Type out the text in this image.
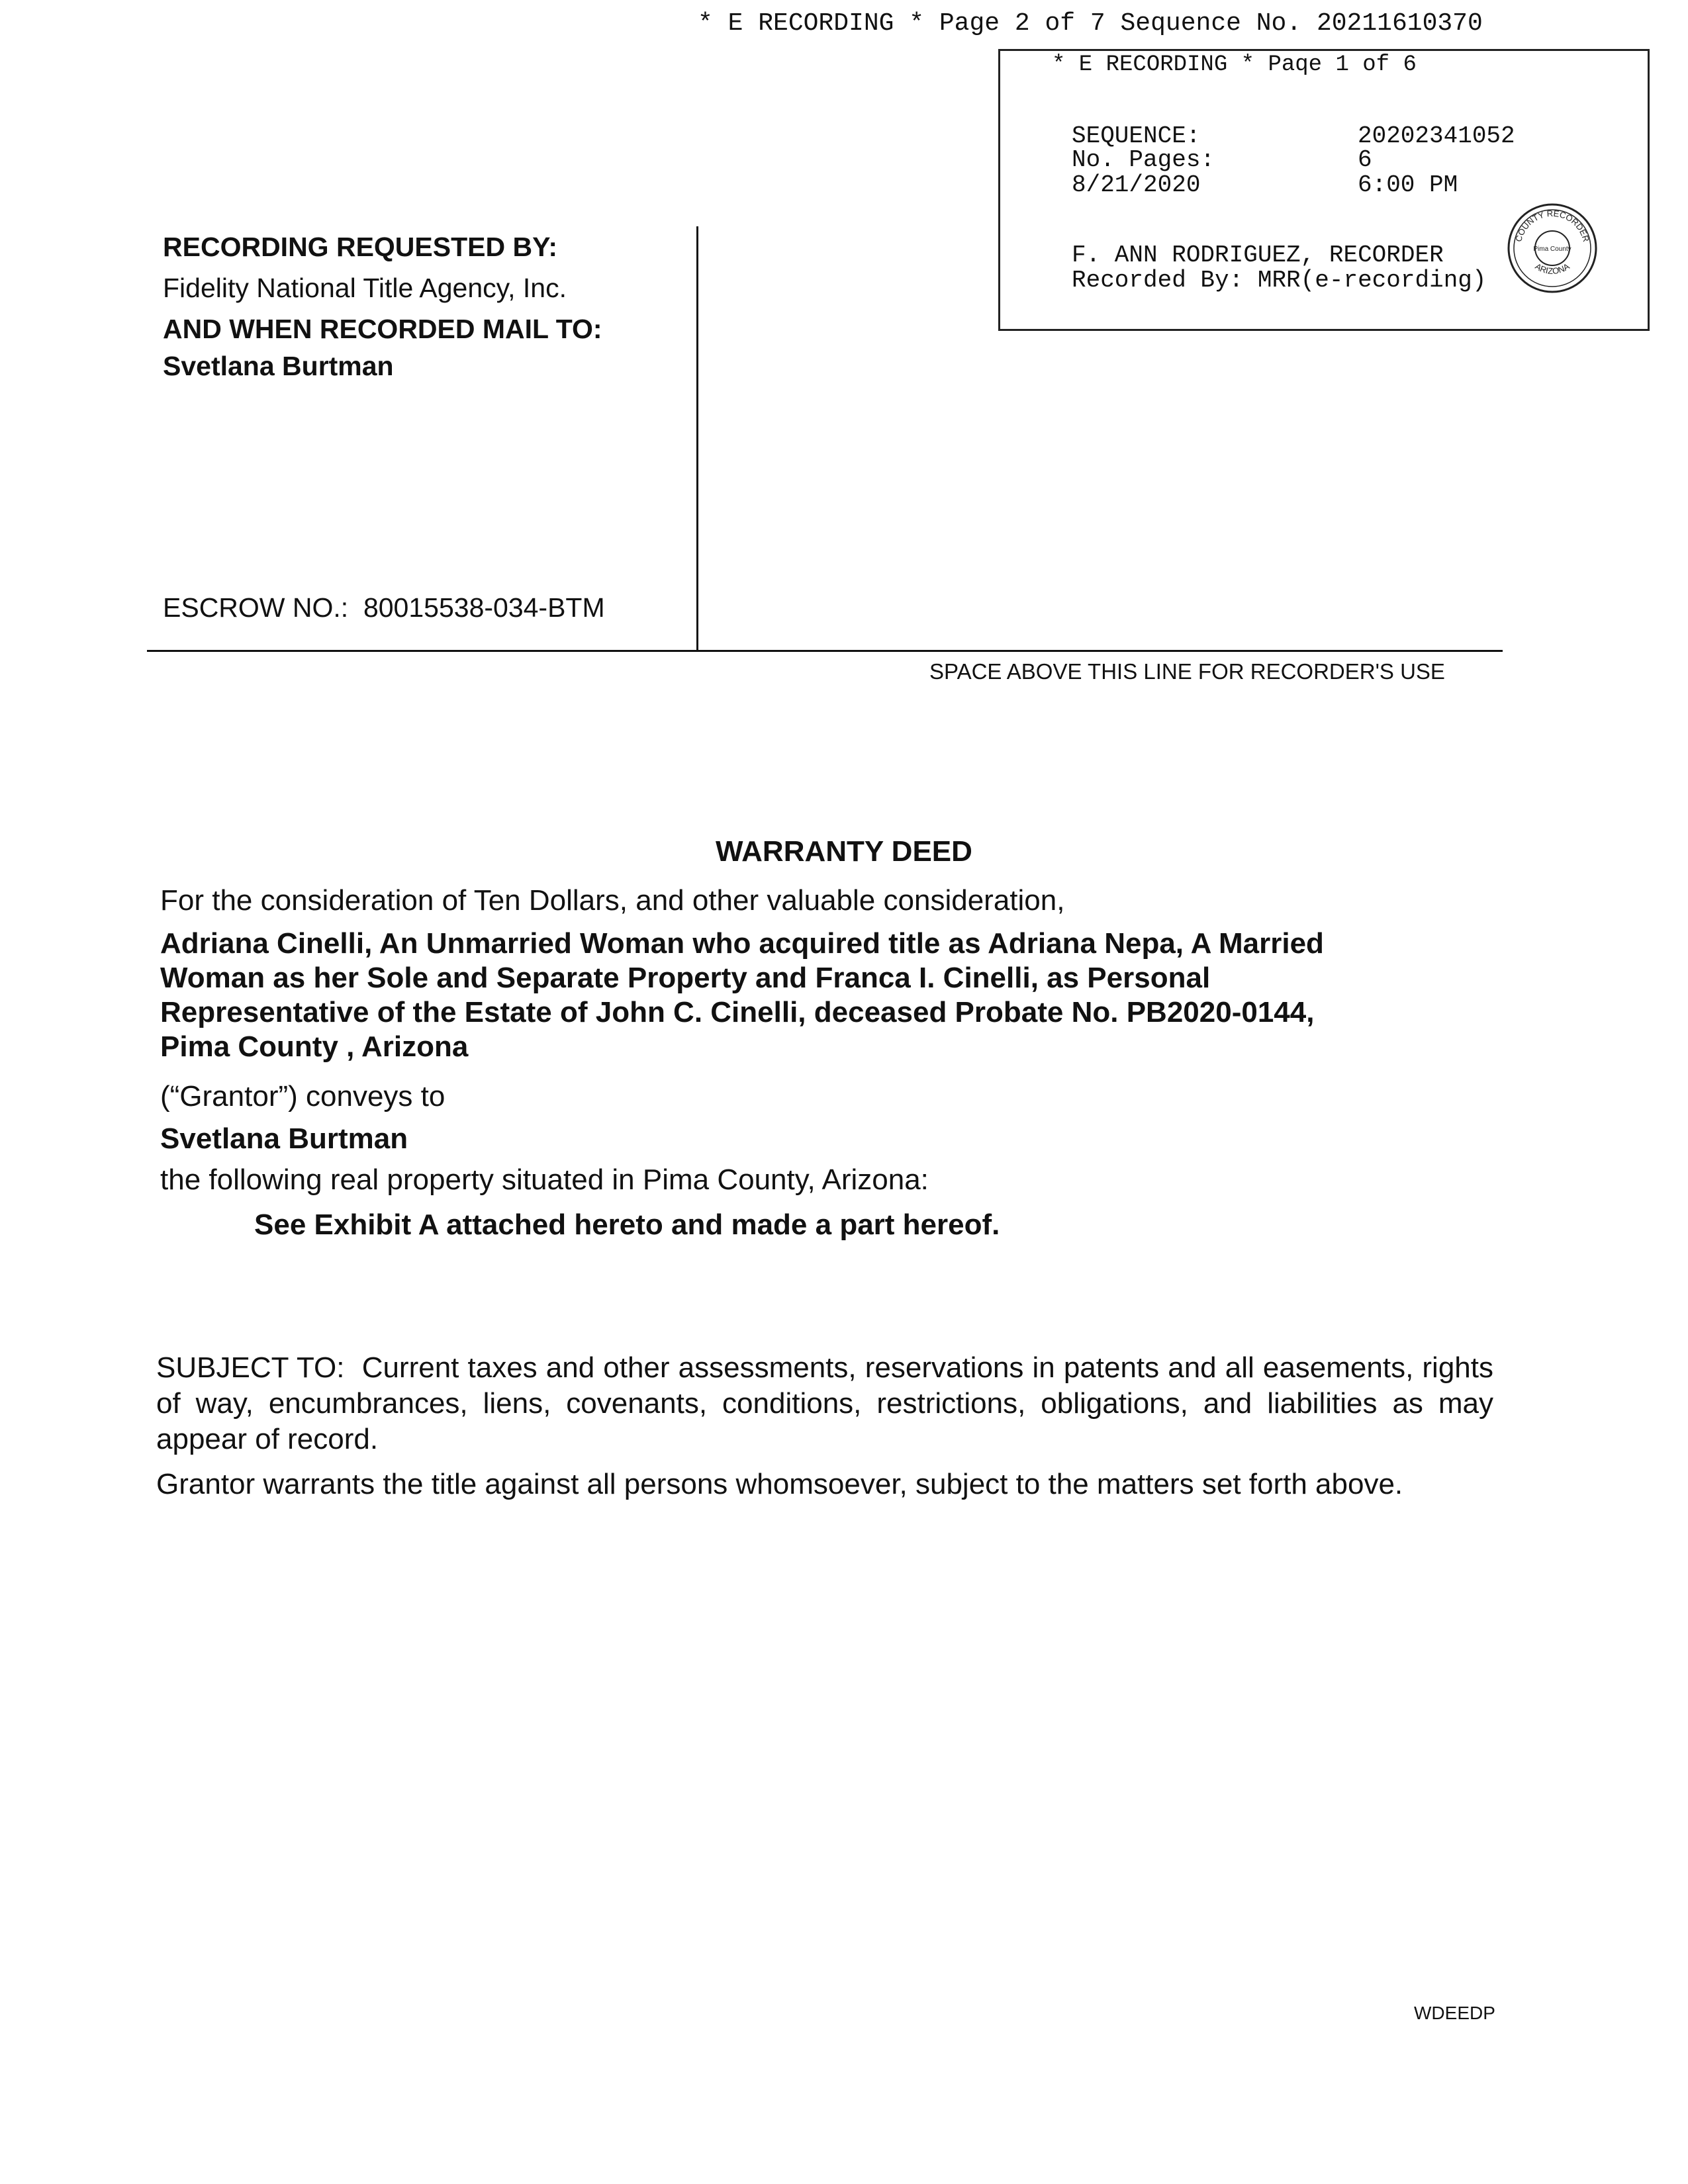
* E RECORDING * Page 2 of 7 Sequence No. 20211610370
* E RECORDING * Paqe 1 of 6
SEQUENCE:	20202341052
No. Pages:	6
8/21/2020	6:00 PM
F. ANN RODRIGUEZ, RECORDER
Recorded By: MRR(e-recording)
COUNTY RECORDER
ARIZONA
Pima County
RECORDING REQUESTED BY:
Fidelity National Title Agency, Inc.
AND WHEN RECORDED MAIL TO:
Svetlana Burtman
ESCROW NO.:  80015538-034-BTM
SPACE ABOVE THIS LINE FOR RECORDER'S USE
WARRANTY DEED
For the consideration of Ten Dollars, and other valuable consideration,
Adriana Cinelli, An Unmarried Woman who acquired title as Adriana Nepa, A Married
Woman as her Sole and Separate Property and Franca I. Cinelli, as Personal
Representative of the Estate of John C. Cinelli, deceased Probate No. PB2020-0144,
Pima County , Arizona
(“Grantor”) conveys to
Svetlana Burtman
the following real property situated in Pima County, Arizona:
See Exhibit A attached hereto and made a part hereof.
SUBJECT TO:  Current taxes and other assessments, reservations in patents and all easements, rights of way, encumbrances, liens, covenants, conditions, restrictions, obligations, and liabilities as may appear of record.
Grantor warrants the title against all persons whomsoever, subject to the matters set forth above.
WDEEDP
